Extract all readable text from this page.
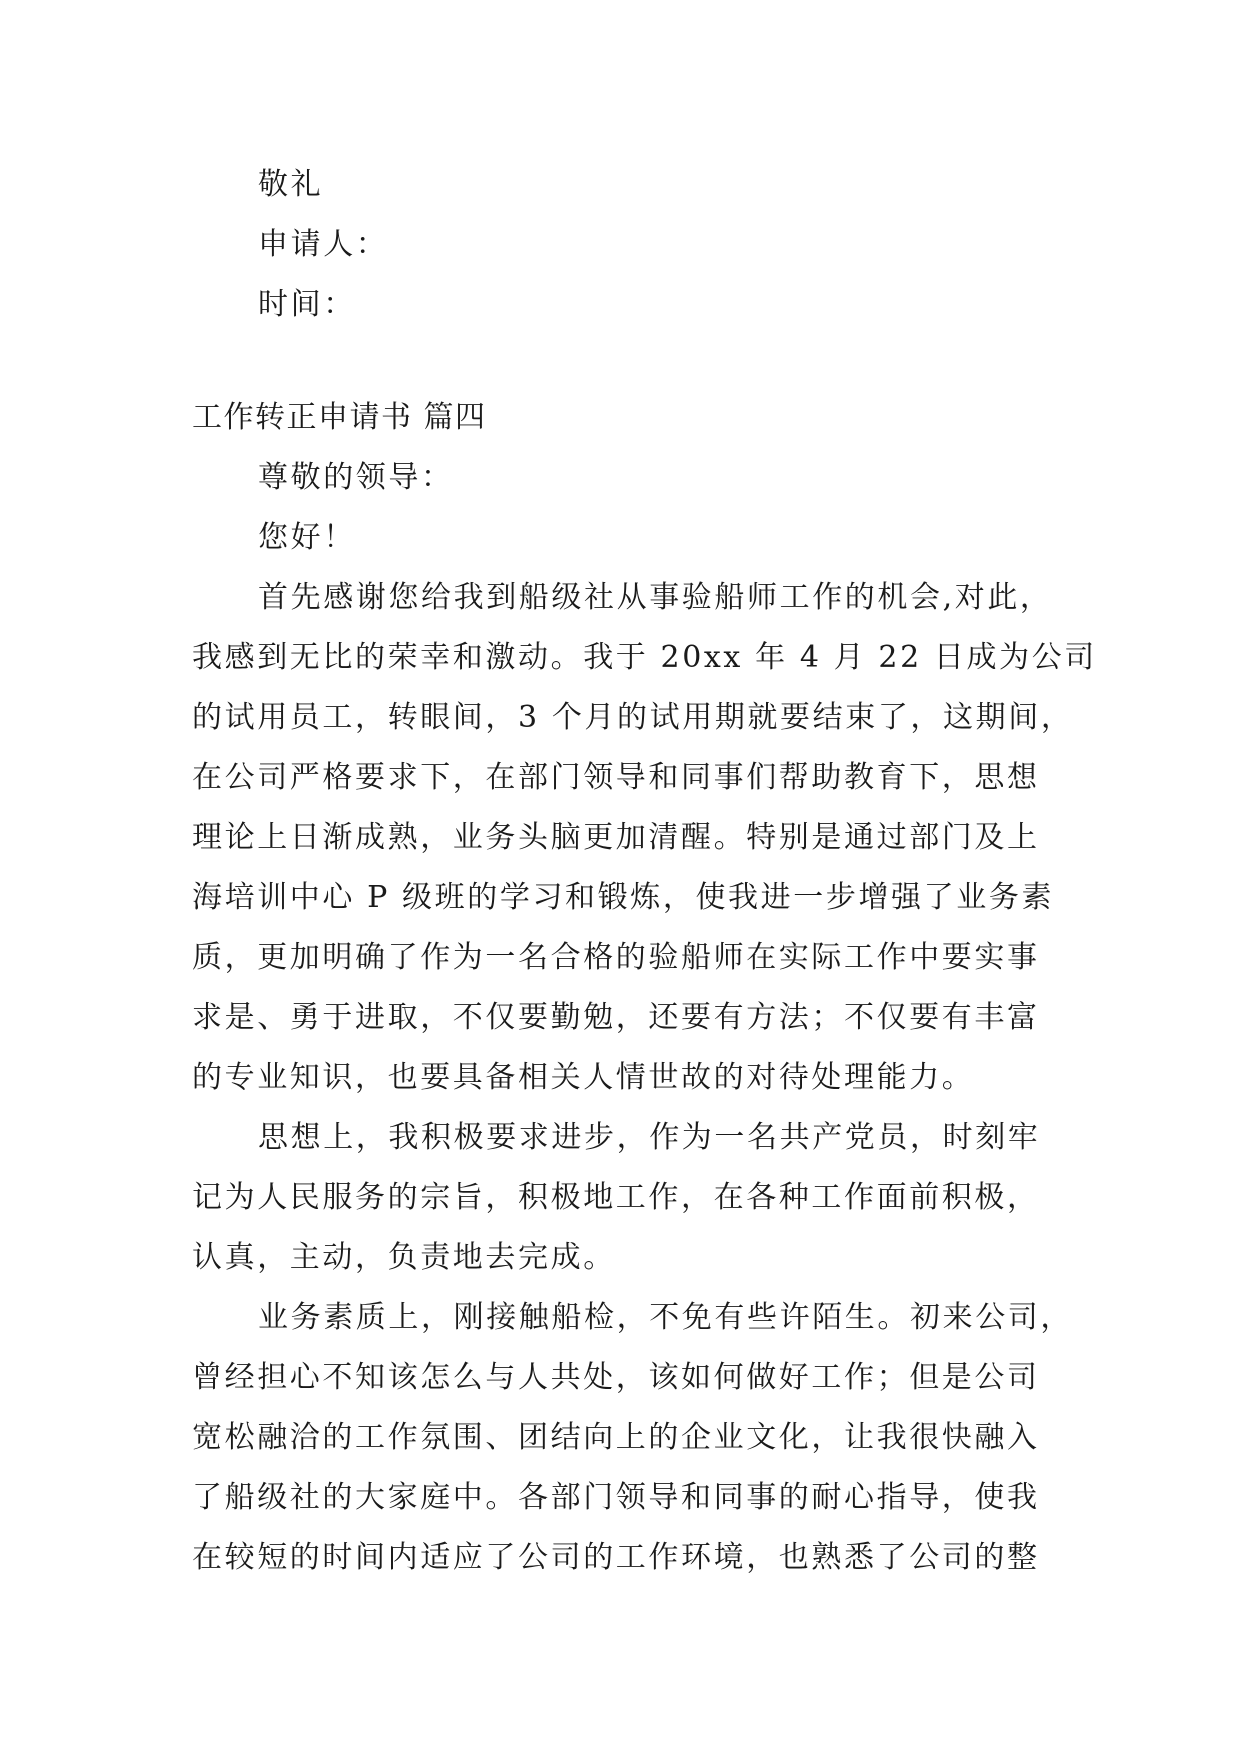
敬礼
申请人：
时间：
工作转正申请书 篇四
尊敬的领导：
您好！
首先感谢您给我到船级社从事验船师工作的机会,对此，
我感到无比的荣幸和激动。我于 20xx 年 4 月 22 日成为公司
的试用员工，转眼间，3 个月的试用期就要结束了，这期间，
在公司严格要求下，在部门领导和同事们帮助教育下，思想
理论上日渐成熟，业务头脑更加清醒。特别是通过部门及上
海培训中心 P 级班的学习和锻炼，使我进一步增强了业务素
质，更加明确了作为一名合格的验船师在实际工作中要实事
求是、勇于进取，不仅要勤勉，还要有方法；不仅要有丰富
的专业知识，也要具备相关人情世故的对待处理能力。
思想上，我积极要求进步，作为一名共产党员，时刻牢
记为人民服务的宗旨，积极地工作，在各种工作面前积极，
认真，主动，负责地去完成。
业务素质上，刚接触船检，不免有些许陌生。初来公司，
曾经担心不知该怎么与人共处，该如何做好工作；但是公司
宽松融洽的工作氛围、团结向上的企业文化，让我很快融入
了船级社的大家庭中。各部门领导和同事的耐心指导，使我
在较短的时间内适应了公司的工作环境，也熟悉了公司的整
